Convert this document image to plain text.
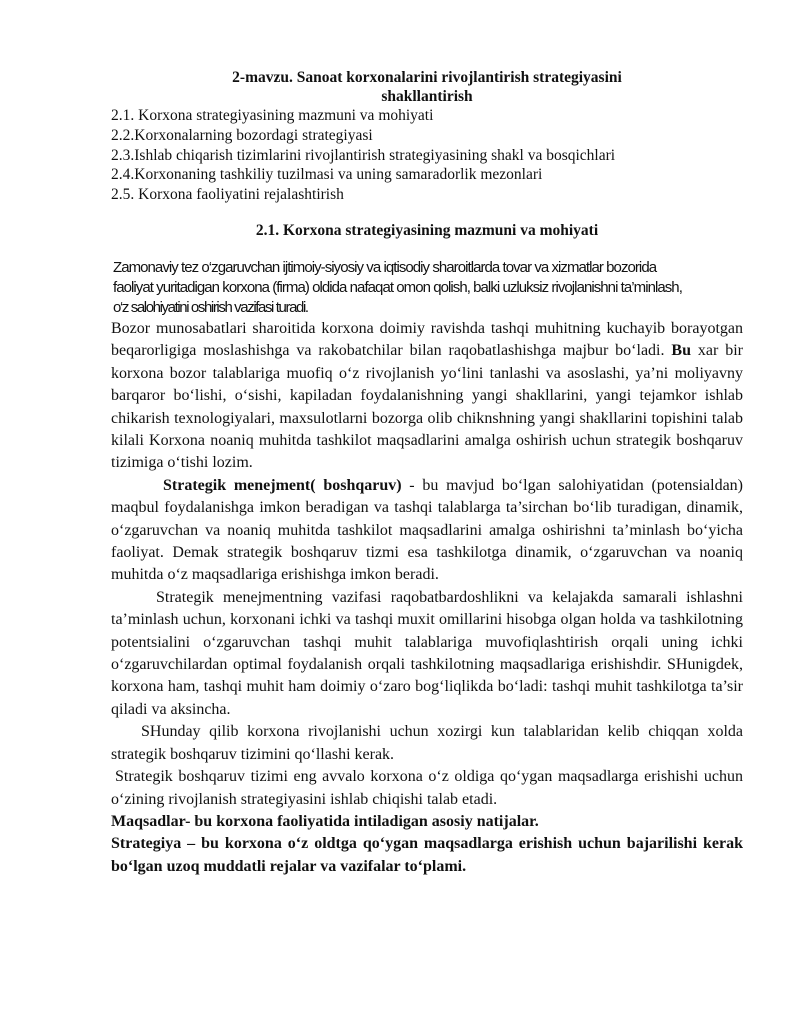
2-mavzu. Sanoat korxonalarini rivojlantirish strategiyasini
shakllantirish
2.1. Korxona strategiyasining mazmuni va mohiyati
2.2.Korxonalarning bozordagi strategiyasi
2.3.Ishlab chiqarish tizimlarini rivojlantirish strategiyasining shakl va bosqichlari
2.4.Korxonaning tashkiliy tuzilmasi va uning samaradorlik mezonlari
2.5. Korxona faoliyatini rejalashtirish
2.1. Korxona strategiyasining mazmuni va mohiyati
Zamonaviy tez o‘zgaruvchan ijtimoiy-siyosiy va iqtisodiy sharoitlarda tovar va xizmatlar bozorida
faoliyat yuritadigan korxona (firma) oldida nafaqat omon qolish, balki uzluksiz rivojlanishni ta’minlash,
o‘z salohiyatini oshirish vazifasi turadi.

Bozor munosabatlari sharoitida korxona doimiy ravishda tashqi muhitning kuchayib borayotgan beqarorligiga moslashishga va rakobatchilar bilan raqobatlashishga majbur bo‘ladi. Bu xar bir korxona bozor talablariga muofiq o‘z rivojlanish yo‘lini tanlashi va asoslashi, ya’ni moliyavny barqaror bo‘lishi, o‘sishi, kapiladan foydalanishning yangi shakllarini, yangi tejamkor ishlab chikarish texnologiyalari, maxsulotlarni bozorga olib chiknshning yangi shakllarini topishini talab kilali Korxona noaniq muhitda tashkilot maqsadlarini amalga oshirish uchun strategik boshqaruv tizimiga o‘tishi lozim.

Strategik menejment( boshqaruv) - bu mavjud bo‘lgan salohiyatidan (potensialdan) maqbul foydalanishga imkon beradigan va tashqi talablarga ta’sirchan bo‘lib turadigan, dinamik, o‘zgaruvchan va noaniq muhitda tashkilot maqsadlarini amalga oshirishni ta’minlash bo‘yicha faoliyat. Demak strategik boshqaruv tizmi esa tashkilotga dinamik, o‘zgaruvchan va noaniq muhitda o‘z maqsadlariga erishishga imkon beradi.

Strategik menejmentning vazifasi raqobatbardoshlikni va kelajakda samarali ishlashni ta’minlash uchun, korxonani ichki va tashqi muxit omillarini hisobga olgan holda va tashkilotning potentsialini o‘zgaruvchan tashqi muhit talablariga muvofiqlashtirish orqali uning ichki o‘zgaruvchilardan optimal foydalanish orqali tashkilotning maqsadlariga erishishdir. SHunigdek, korxona ham, tashqi muhit ham doimiy o‘zaro bog‘liqlikda bo‘ladi: tashqi muhit tashkilotga ta’sir qiladi va aksincha.

SHunday qilib korxona rivojlanishi uchun xozirgi kun talablaridan kelib chiqqan xolda strategik boshqaruv tizimini qo‘llashi kerak.

Strategik boshqaruv tizimi eng avvalo korxona o‘z oldiga qo‘ygan maqsadlarga erishishi uchun o‘zining rivojlanish strategiyasini ishlab chiqishi talab etadi.

Maqsadlar- bu korxona faoliyatida intiladigan asosiy natijalar.

Strategiya – bu korxona o‘z oldtga qo‘ygan maqsadlarga erishish uchun bajarilishi kerak bo‘lgan uzoq muddatli rejalar va vazifalar to‘plami.
